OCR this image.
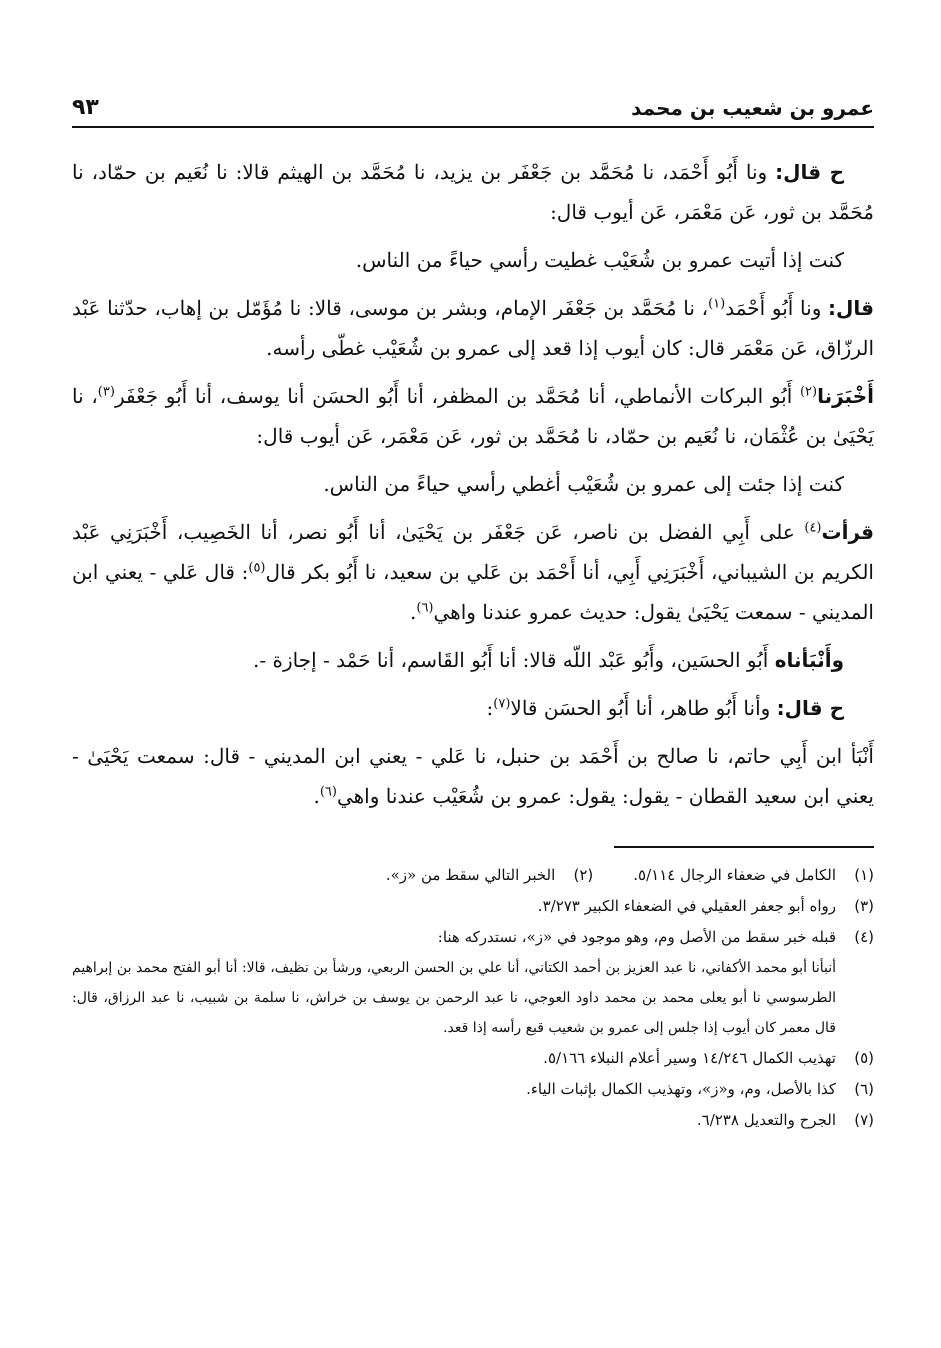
عمرو بن شعيب بن محمد
٩٣

ح قال: ونا أَبُو أَحْمَد، نا مُحَمَّد بن جَعْفَر بن يزيد، نا مُحَمَّد بن الهيثم قالا: نا نُعَيم بن حمّاد، نا مُحَمَّد بن ثور، عَن مَعْمَر، عَن أيوب قال:

كنت إذا أتيت عمرو بن شُعَيْب غطيت رأسي حياءً من الناس.

قال: ونا أَبُو أَحْمَد$^{(١)}$، نا مُحَمَّد بن جَعْفَر الإمام، وبشر بن موسى، قالا: نا مُؤَمّل بن إهاب، حدّثنا عَبْد الرزّاق، عَن مَعْمَر قال: كان أيوب إذا قعد إلى عمرو بن شُعَيْب غطّى رأسه.

أَخْبَرَنا$^{(٢)}$ أَبُو البركات الأنماطي، أنا مُحَمَّد بن المظفر، أنا أَبُو الحسَن أنا يوسف، أنا أَبُو جَعْفَر$^{(٣)}$، نا يَحْيَىٰ بن عُثْمَان، نا نُعَيم بن حمّاد، نا مُحَمَّد بن ثور، عَن مَعْمَر، عَن أيوب قال:

كنت إذا جئت إلى عمرو بن شُعَيْب أغطي رأسي حياءً من الناس.

قرأت$^{(٤)}$ على أَبِي الفضل بن ناصر، عَن جَعْفَر بن يَحْيَىٰ، أنا أَبُو نصر، أنا الخَصِيب، أَخْبَرَنِي عَبْد الكريم بن الشيباني، أَخْبَرَنِي أَبِي، أنا أَحْمَد بن عَلي بن سعيد، نا أَبُو بكر قال$^{(٥)}$: قال عَلي - يعني ابن المديني - سمعت يَحْيَىٰ يقول: حديث عمرو عندنا واهي$^{(٦)}$.

وأَنْبَأناه أَبُو الحسَين، وأَبُو عَبْد اللّه قالا: أنا أَبُو القَاسم، أنا حَمْد - إجازة -.

ح قال: وأنا أَبُو طاهر، أنا أَبُو الحسَن قالا$^{(٧)}$:

أَنْبَأ ابن أَبِي حاتم، نا صالح بن أَحْمَد بن حنبل، نا عَلي - يعني ابن المديني - قال: سمعت يَحْيَىٰ - يعني ابن سعيد القطان - يقول: يقول: عمرو بن شُعَيْب عندنا واهي$^{(٦)}$.

(١)
الكامل في ضعفاء الرجال ٥/١١٤.
(٢)
الخبر التالي سقط من «ز».
(٣)
رواه أبو جعفر العقيلي في الضعفاء الكبير ٣/٢٧٣.
(٤)
قبله خبر سقط من الأصل وم، وهو موجود في «ز»، نستدركه هنا:
أنبأنا أبو محمد الأكفاني، نا عبد العزيز بن أحمد الكتاني، أنا علي بن الحسن الربعي، ورشأ بن نظيف، قالا: أنا أبو الفتح محمد بن إبراهيم الطرسوسي نا أبو يعلى محمد بن محمد داود العوجي، نا عبد الرحمن بن يوسف بن خراش، نا سلمة بن شبيب، نا عبد الرزاق، قال: قال معمر كان أيوب إذا جلس إلى عمرو بن شعيب قبع رأسه إذا قعد.
(٥)
تهذيب الكمال ١٤/٢٤٦ وسير أعلام النبلاء ٥/١٦٦.
(٦)
كذا بالأصل، وم، و«ز»، وتهذيب الكمال بإثبات الياء.
(٧)
الجرح والتعديل ٦/٢٣٨.
